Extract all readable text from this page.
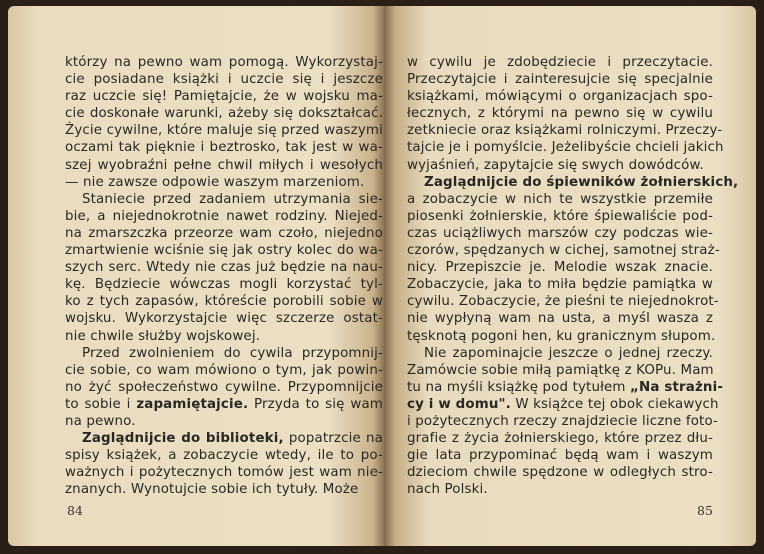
którzy na pewno wam pomogą. Wykorzystaj-
cie posiadane książki i uczcie się i jeszcze
raz uczcie się! Pamiętajcie, że w wojsku ma-
cie doskonałe warunki, ażeby się dokształcać.
Życie cywilne, które maluje się przed waszymi
oczami tak pięknie i beztrosko, tak jest w wa-
szej wyobraźni pełne chwil miłych i wesołych
— nie zawsze odpowie waszym marzeniom.
Staniecie przed zadaniem utrzymania sie-
bie, a niejednokrotnie nawet rodziny. Niejed-
na zmarszczka przeorze wam czoło, niejedno
zmartwienie wciśnie się jak ostry kolec do wa-
szych serc. Wtedy nie czas już będzie na nau-
kę. Będziecie wówczas mogli korzystać tyl-
ko z tych zapasów, któreście porobili sobie w
wojsku. Wykorzystajcie więc szczerze ostat-
nie chwile służby wojskowej.
Przed zwolnieniem do cywila przypomnij-
cie sobie, co wam mówiono o tym, jak powin-
no żyć społeczeństwo cywilne. Przypomnijcie
to sobie i zapamiętajcie. Przyda to się wam
na pewno.
Zaglądnijcie do biblioteki, popatrzcie na
spisy książek, a zobaczycie wtedy, ile to po-
ważnych i pożytecznych tomów jest wam nie-
znanych. Wynotujcie sobie ich tytuły. Może
84
w cywilu je zdobędziecie i przeczytacie.
Przeczytajcie i zainteresujcie się specjalnie
książkami, mówiącymi o organizacjach spo-
łecznych, z którymi na pewno się w cywilu
zetkniecie oraz książkami rolniczymi. Przeczy-
tajcie je i pomyślcie. Jeżelibyście chcieli jakich
wyjaśnień, zapytajcie się swych dowódców.
Zaglądnijcie do śpiewników żołnierskich,
a zobaczycie w nich te wszystkie przemiłe
piosenki żołnierskie, które śpiewaliście pod-
czas uciążliwych marszów czy podczas wie-
czorów, spędzanych w cichej, samotnej straż-
nicy. Przepiszcie je. Melodie wszak znacie.
Zobaczycie, jaka to miła będzie pamiątka w
cywilu. Zobaczycie, że pieśni te niejednokrot-
nie wypłyną wam na usta, a myśl wasza z
tęsknotą pogoni hen, ku granicznym słupom.
Nie zapominajcie jeszcze o jednej rzeczy.
Zamówcie sobie miłą pamiątkę z KOPu. Mam
tu na myśli książkę pod tytułem „Na strażni-
cy i w domu". W książce tej obok ciekawych
i pożytecznych rzeczy znajdziecie liczne foto-
grafie z życia żołnierskiego, które przez dłu-
gie lata przypominać będą wam i waszym
dzieciom chwile spędzone w odległych stro-
nach Polski.
85
